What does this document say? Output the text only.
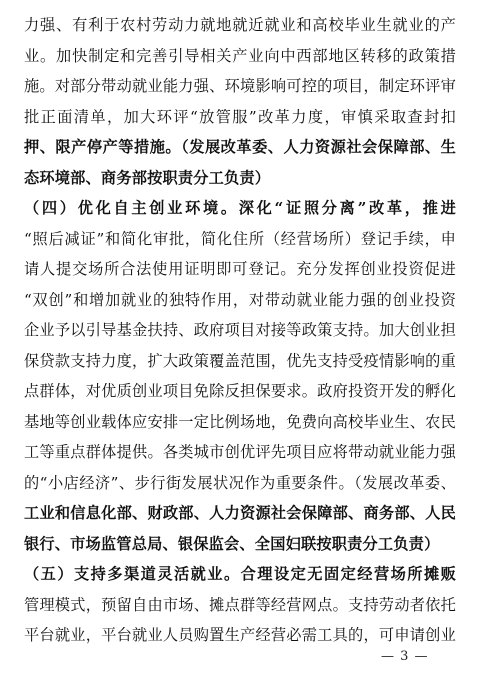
力强、有利于农村劳动力就地就近就业和高校毕业生就业的产
业。加快制定和完善引导相关产业向中西部地区转移的政策措
施。对部分带动就业能力强、环境影响可控的项目，制定环评审
批正面清单，加大环评“放管服”改革力度，审慎采取查封扣
押、限产停产等措施。（发展改革委、人力资源社会保障部、生
态环境部、商务部按职责分工负责）
（四）优化自主创业环境。深化“证照分离”改革，推进
“照后减证”和简化审批，简化住所（经营场所）登记手续，申
请人提交场所合法使用证明即可登记。充分发挥创业投资促进
“双创”和增加就业的独特作用，对带动就业能力强的创业投资
企业予以引导基金扶持、政府项目对接等政策支持。加大创业担
保贷款支持力度，扩大政策覆盖范围，优先支持受疫情影响的重
点群体，对优质创业项目免除反担保要求。政府投资开发的孵化
基地等创业载体应安排一定比例场地，免费向高校毕业生、农民
工等重点群体提供。各类城市创优评先项目应将带动就业能力强
的“小店经济”、步行街发展状况作为重要条件。（发展改革委、
工业和信息化部、财政部、人力资源社会保障部、商务部、人民
银行、市场监管总局、银保监会、全国妇联按职责分工负责）
（五）支持多渠道灵活就业。合理设定无固定经营场所摊贩
管理模式，预留自由市场、摊点群等经营网点。支持劳动者依托
平台就业，平台就业人员购置生产经营必需工具的，可申请创业
— 3 —
